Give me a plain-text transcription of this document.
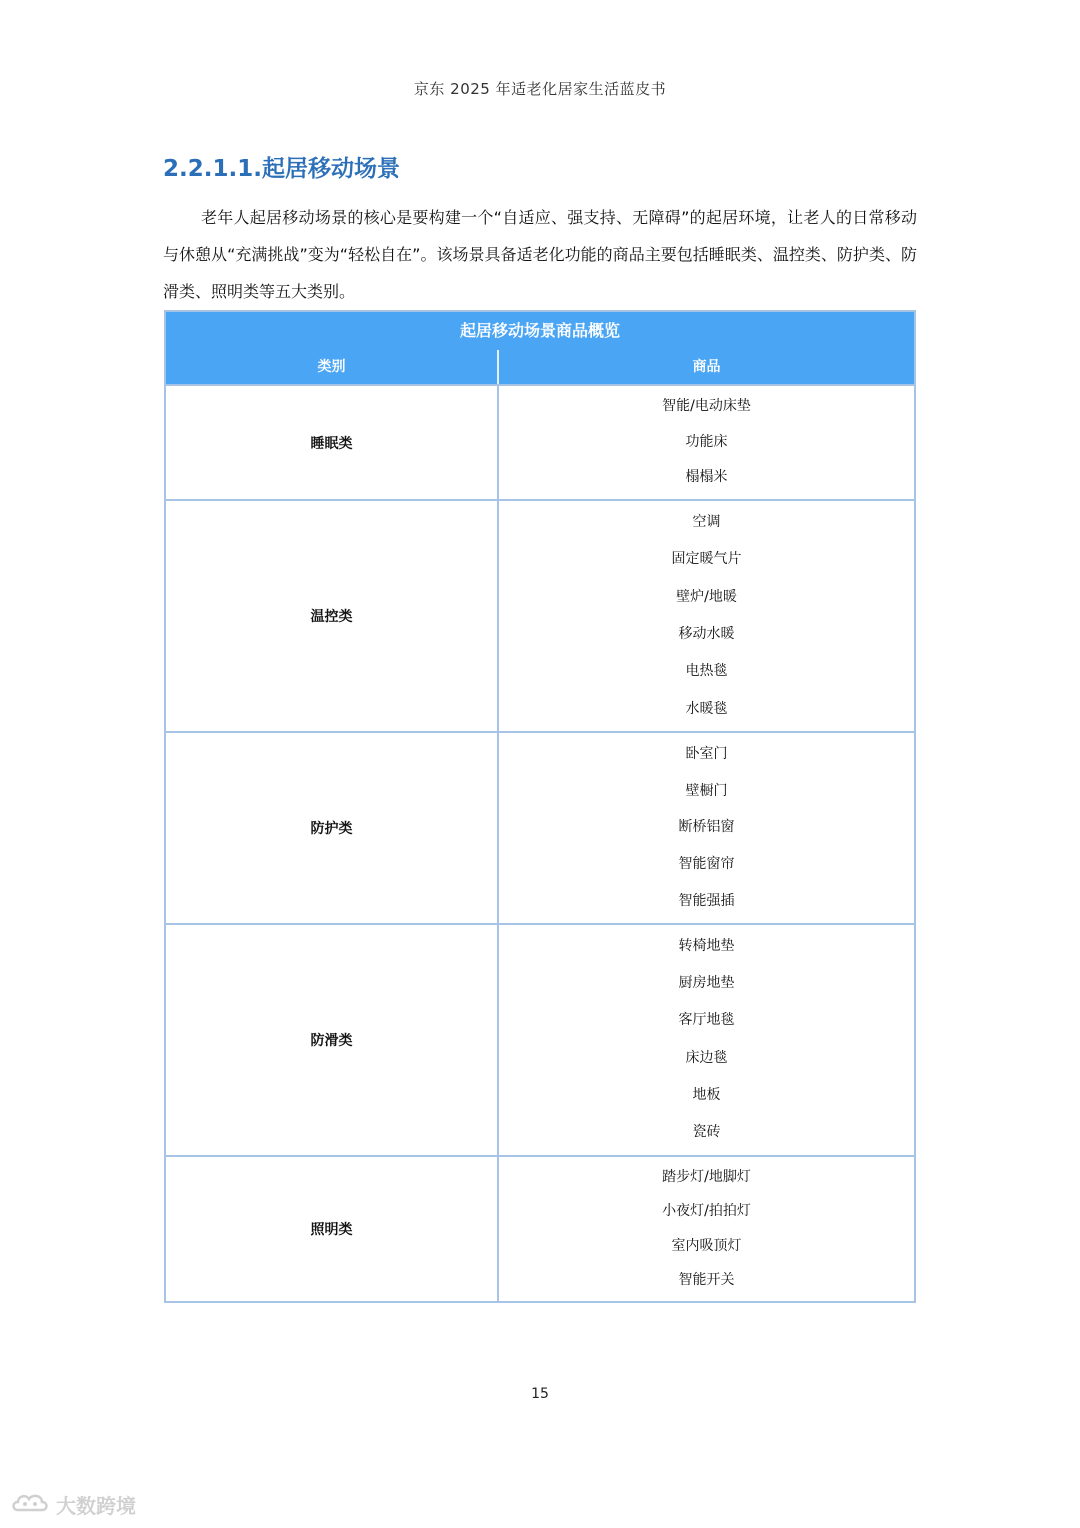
京东 2025 年适老化居家生活蓝皮书
2.2.1.1.起居移动场景

老年人起居移动场景的核心是要构建一个“自适应、强支持、无障碍”的起居环境，让老人的日常移动与休憩从“充满挑战”变为“轻松自在”。该场景具备适老化功能的商品主要包括睡眠类、温控类、防护类、防滑类、照明类等五大类别。

起居移动场景商品概览
类别	商品
睡眠类
智能/电动床垫
功能床
榻榻米
温控类
空调
固定暖气片
壁炉/地暖
移动水暖
电热毯
水暖毯
防护类
卧室门
壁橱门
断桥铝窗
智能窗帘
智能强插
防滑类
转椅地垫
厨房地垫
客厅地毯
床边毯
地板
瓷砖
照明类
踏步灯/地脚灯
小夜灯/拍拍灯
室内吸顶灯
智能开关
15
大数跨境
